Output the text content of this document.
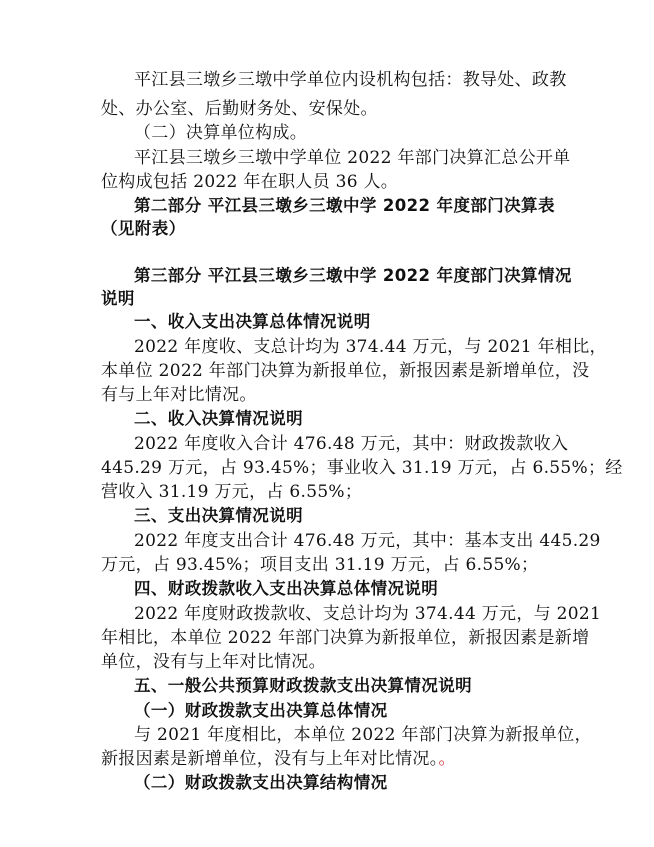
平江县三墩乡三墩中学单位内设机构包括：教导处、政教
处、办公室、后勤财务处、安保处。
（二）决算单位构成。
平江县三墩乡三墩中学单位 2022 年部门决算汇总公开单
位构成包括 2022 年在职人员 36 人。
第二部分 平江县三墩乡三墩中学 2022 年度部门决算表
（见附表）
第三部分 平江县三墩乡三墩中学 2022 年度部门决算情况
说明
一、收入支出决算总体情况说明
2022 年度收、支总计均为 374.44 万元，与 2021 年相比，
本单位 2022 年部门决算为新报单位，新报因素是新增单位，没
有与上年对比情况。
二、收入决算情况说明
2022 年度收入合计 476.48 万元，其中：财政拨款收入
445.29 万元，占 93.45%；事业收入 31.19 万元，占 6.55%；经
营收入 31.19 万元，占 6.55%；
三、支出决算情况说明
2022 年度支出合计 476.48 万元，其中：基本支出 445.29
万元，占 93.45%；项目支出 31.19 万元，占 6.55%；
四、财政拨款收入支出决算总体情况说明
2022 年度财政拨款收、支总计均为 374.44 万元，与 2021
年相比，本单位 2022 年部门决算为新报单位，新报因素是新增
单位，没有与上年对比情况。
五、一般公共预算财政拨款支出决算情况说明
（一）财政拨款支出决算总体情况
与 2021 年度相比，本单位 2022 年部门决算为新报单位，
新报因素是新增单位，没有与上年对比情况。。
（二）财政拨款支出决算结构情况
